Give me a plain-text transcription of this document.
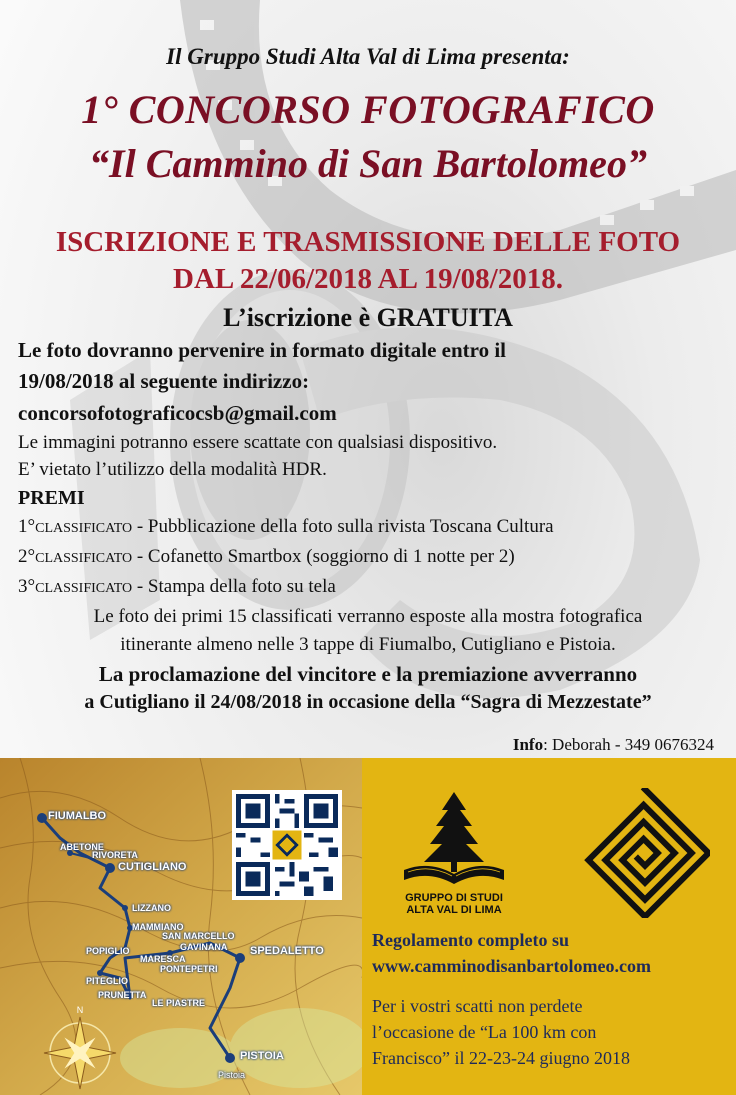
Il Gruppo Studi Alta Val di Lima presenta:
1° CONCORSO FOTOGRAFICO
“Il Cammino di San Bartolomeo”
ISCRIZIONE E TRASMISSIONE DELLE FOTO
DAL 22/06/2018 AL 19/08/2018.
L’iscrizione è GRATUITA
Le foto dovranno pervenire in formato digitale entro il
19/08/2018 al seguente indirizzo:
concorsofotograficocsb@gmail.com
Le immagini potranno essere scattate con qualsiasi dispositivo.
E’ vietato l’utilizzo della modalità HDR.
PREMI
1°CLASSIFICATO - Pubblicazione della foto sulla rivista Toscana Cultura
2°CLASSIFICATO - Cofanetto Smartbox (soggiorno di 1 notte per 2)
3°CLASSIFICATO - Stampa della foto su tela
Le foto dei primi 15 classificati verranno esposte alla mostra fotografica
itinerante almeno nelle 3 tappe di Fiumalbo, Cutigliano e Pistoia.
La proclamazione del vincitore e la premiazione avverranno
a Cutigliano il 24/08/2018 in occasione della “Sagra di Mezzestate”
Info: Deborah - 349 0676324
N
FIUMALBO
ABETONE
RIVORETA
CUTIGLIANO
LIZZANO
MAMMIANO
SAN MARCELLO
GAVINANA
POPIGLIO
MARESCA
PONTEPETRI
SPEDALETTO
PITEGLIO
PRUNETTA
LE PIASTRE
PISTOIA
Pistoia
GRUPPO DI STUDI
ALTA VAL DI LIMA
Regolamento completo su
www.camminodisanbartolomeo.com
Per i vostri scatti non perdete
l’occasione de “La 100 km con
Francisco” il 22-23-24 giugno 2018
